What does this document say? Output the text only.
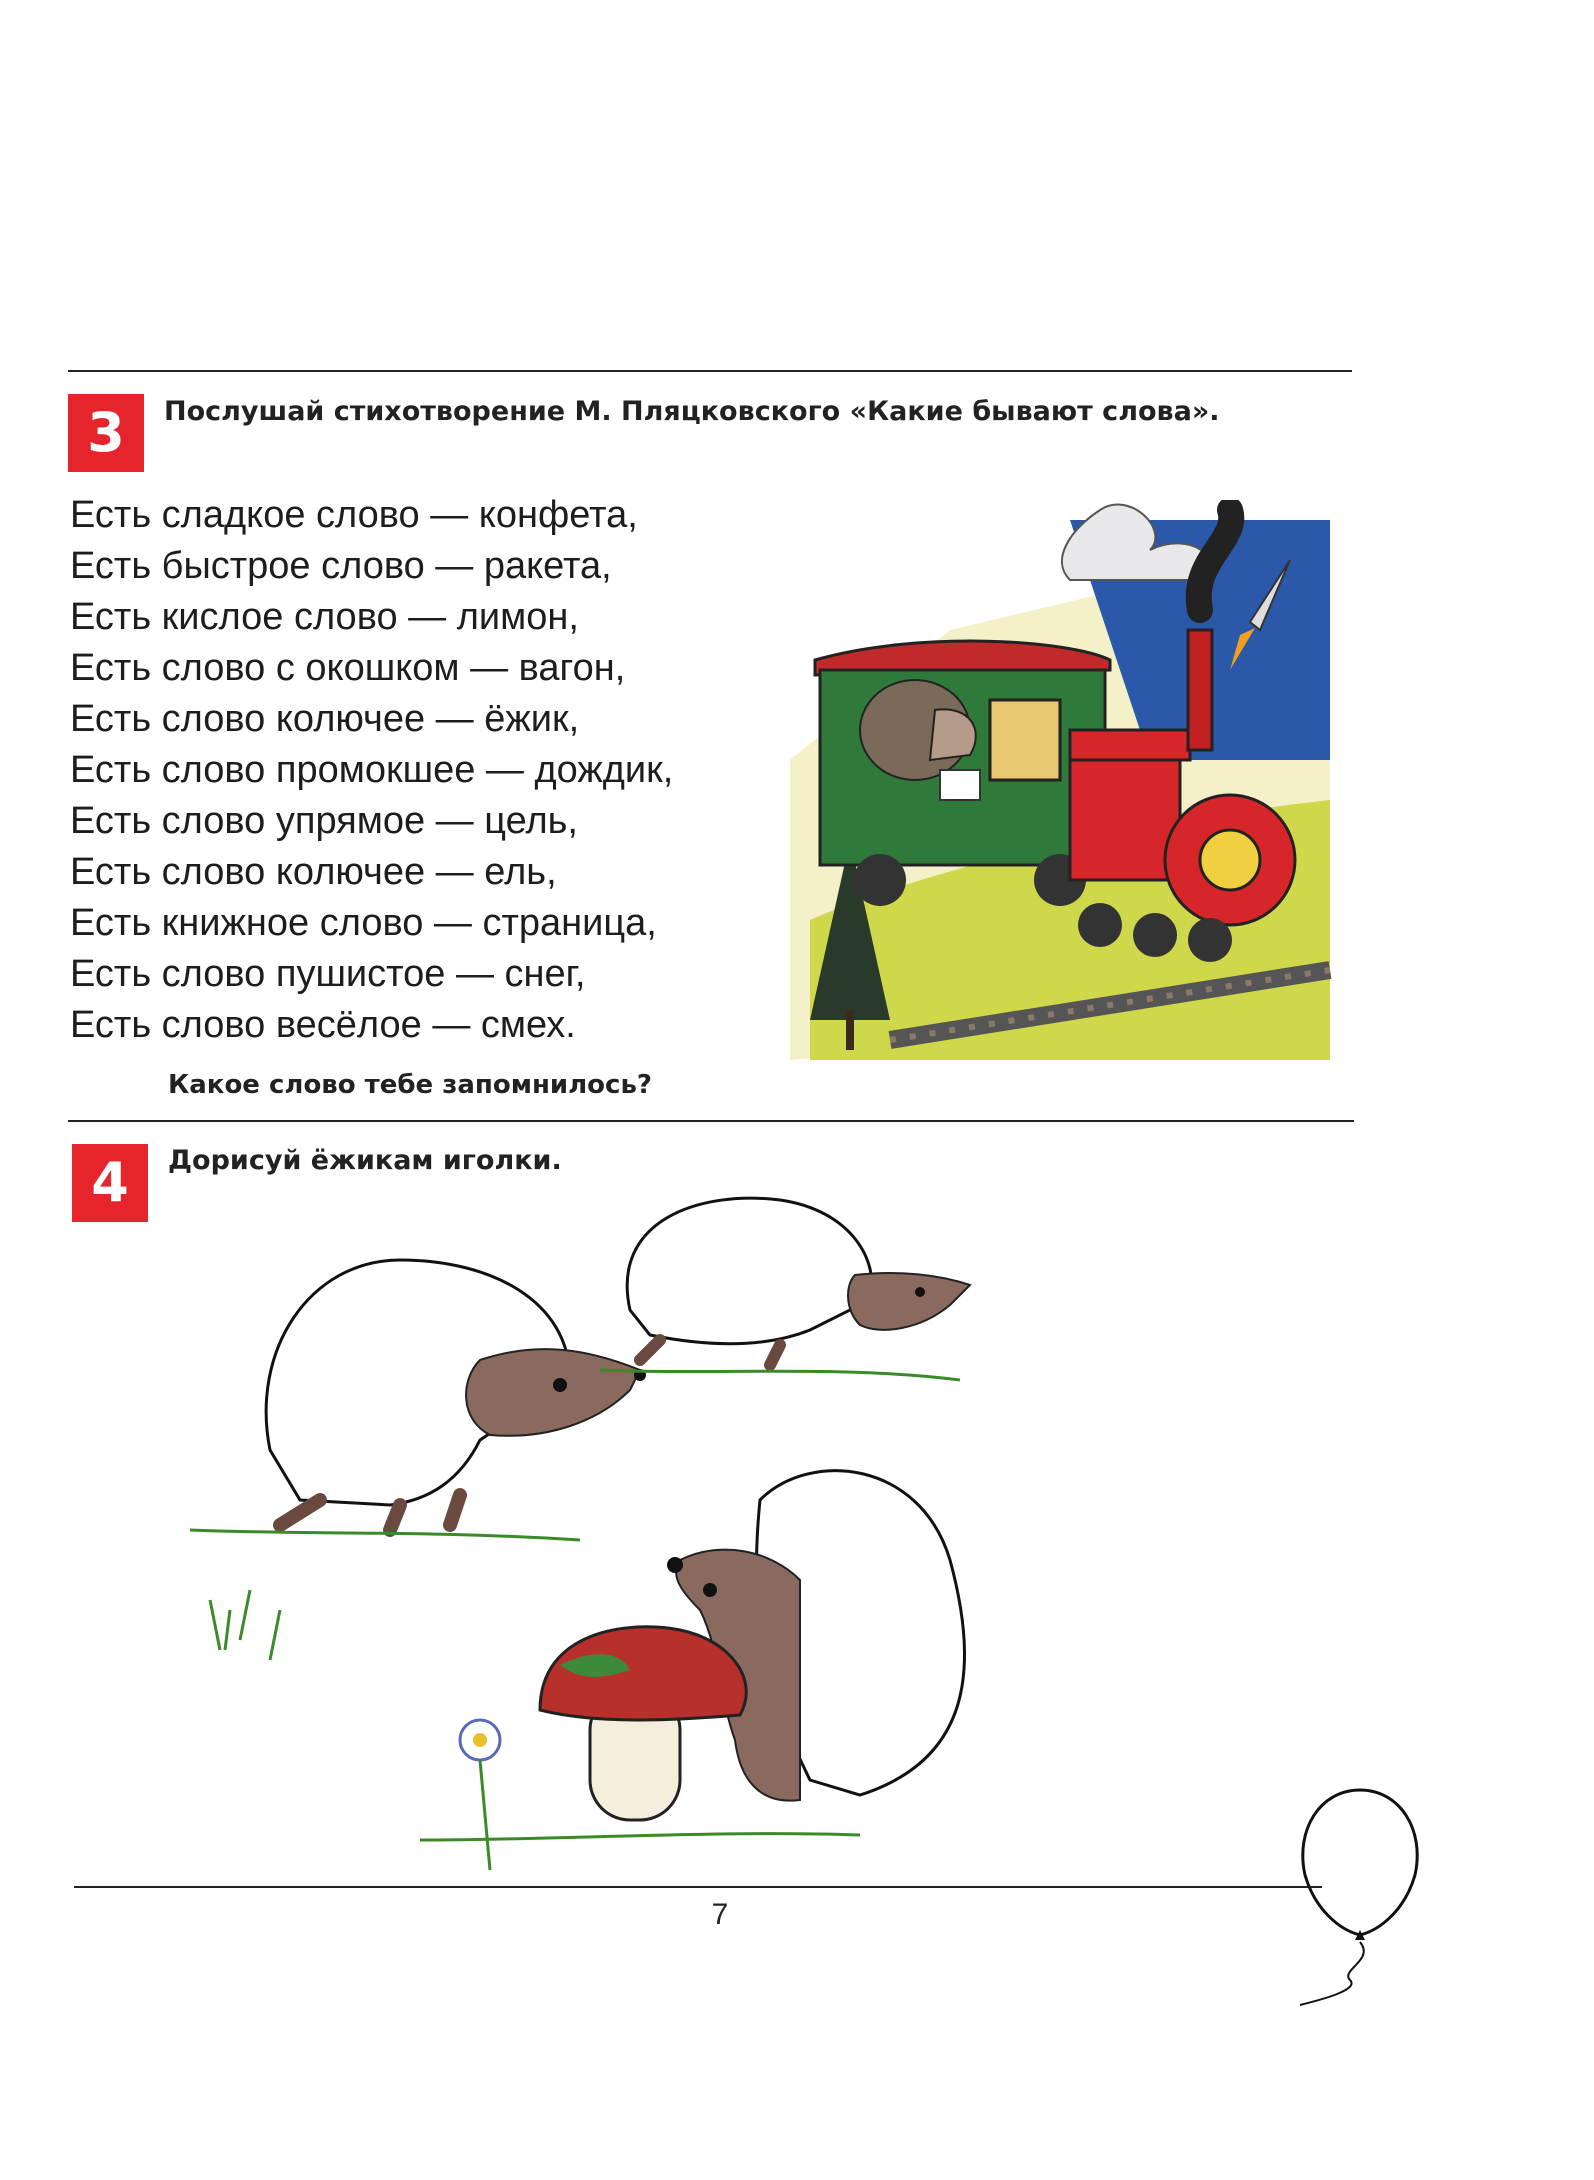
3	Послушай стихотворение М. Пляцковского «Какие бывают слова».
Есть сладкое слово — конфета,
Есть быстрое слово — ракета,
Есть кислое слово — лимон,
Есть слово с окошком — вагон,
Есть слово колючее — ёжик,
Есть слово промокшее — дождик,
Есть слово упрямое — цель,
Есть слово колючее — ель,
Есть книжное слово — страница,
Есть слово пушистое — снег,
Есть слово весёлое — смех.
Какое слово тебе запомнилось?
4	Дорисуй ёжикам иголки.
7
